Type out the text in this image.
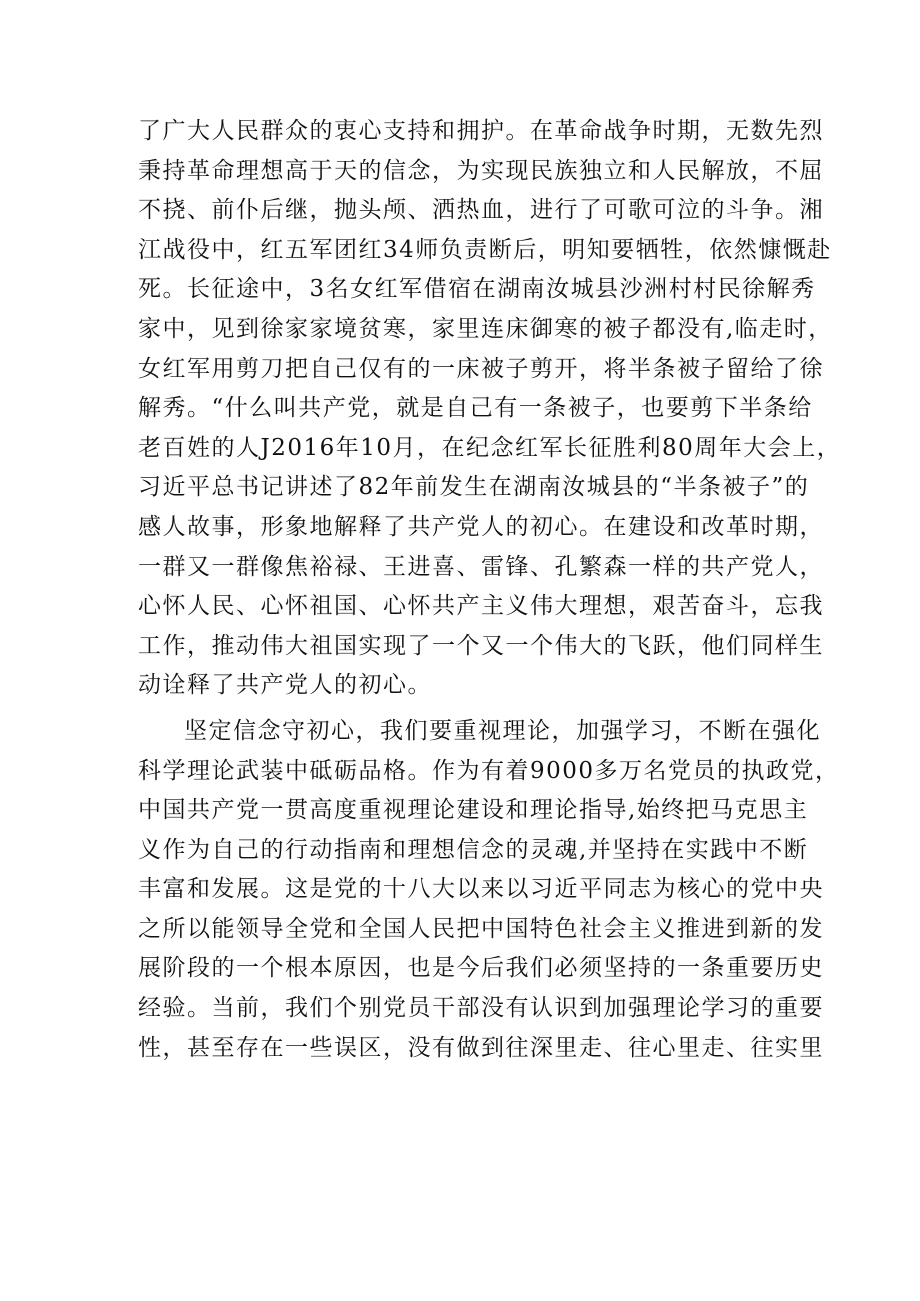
了广大人民群众的衷心支持和拥护。在革命战争时期，无数先烈
秉持革命理想高于天的信念，为实现民族独立和人民解放，不屈
不挠、前仆后继，抛头颅、洒热血，进行了可歌可泣的斗争。湘
江战役中，红五军团红34师负责断后，明知要牺牲，依然慷慨赴
死。长征途中，3名女红军借宿在湖南汝城县沙洲村村民徐解秀
家中，见到徐家家境贫寒，家里连床御寒的被子都没有,临走时，
女红军用剪刀把自己仅有的一床被子剪开，将半条被子留给了徐
解秀。“什么叫共产党，就是自己有一条被子，也要剪下半条给
老百姓的人J2016年10月，在纪念红军长征胜利80周年大会上，
习近平总书记讲述了82年前发生在湖南汝城县的“半条被子”的
感人故事，形象地解释了共产党人的初心。在建设和改革时期，
一群又一群像焦裕禄、王进喜、雷锋、孔繁森一样的共产党人，
心怀人民、心怀祖国、心怀共产主义伟大理想，艰苦奋斗，忘我
工作，推动伟大祖国实现了一个又一个伟大的飞跃，他们同样生
动诠释了共产党人的初心。
坚定信念守初心，我们要重视理论，加强学习，不断在强化
科学理论武装中砥砺品格。作为有着9000多万名党员的执政党，
中国共产党一贯高度重视理论建设和理论指导,始终把马克思主
义作为自己的行动指南和理想信念的灵魂,并坚持在实践中不断
丰富和发展。这是党的十八大以来以习近平同志为核心的党中央
之所以能领导全党和全国人民把中国特色社会主义推进到新的发
展阶段的一个根本原因，也是今后我们必须坚持的一条重要历史
经验。当前，我们个别党员干部没有认识到加强理论学习的重要
性，甚至存在一些误区，没有做到往深里走、往心里走、往实里
